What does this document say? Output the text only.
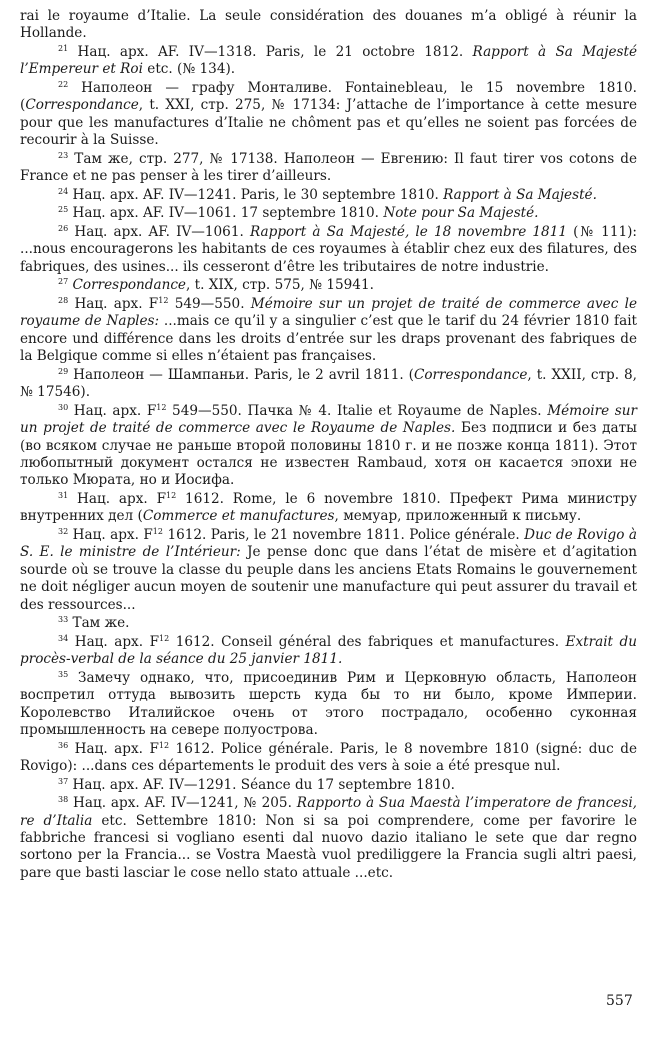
rai le royaume d’Italie. La seule considération des douanes m’a obligé à réunir la Hollande.

$^{21}$ Нац. арх. AF. IV—1318. Paris, le 21 octobre 1812. Rapport à Sa Majesté l’Empereur et Roi etc. (№ 134).

$^{22}$ Наполеон — графу Монталиве. Fontainebleau, le 15 novembre 1810. (Correspondance, t. XXI, стр. 275, № 17134: J’attache de l’importance à cette mesure pour que les manufactures d’Italie ne chôment pas et qu’elles ne soient pas forcées de recourir à la Suisse.

$^{23}$ Там же, стр. 277, № 17138. Наполеон — Евгению: Il faut tirer vos cotons de France et ne pas penser à les tirer d’ailleurs.

$^{24}$ Нац. арх. AF. IV—1241. Paris, le 30 septembre 1810. Rapport à Sa Majesté.

$^{25}$ Нац. арх. AF. IV—1061. 17 septembre 1810. Note pour Sa Majesté.

$^{26}$ Нац. арх. AF. IV—1061. Rapport à Sa Majesté, le 18 novembre 1811 (№ 111): ...nous encouragerons les habitants de ces royaumes à établir chez eux des filatures, des fabriques, des usines... ils cesseront d’être les tributaires de notre industrie.

$^{27}$ Correspondance, t. XIX, стр. 575, № 15941.

$^{28}$ Нац. арх. $F^{12}$ 549—550. Mémoire sur un projet de traité de commerce avec le royaume de Naples: ...mais ce qu’il y a singulier c’est que le tarif du 24 février 1810 fait encore und différence dans les droits d’entrée sur les draps provenant des fabriques de la Belgique comme si elles n’étaient pas françaises.

$^{29}$ Наполеон — Шампаньи. Paris, le 2 avril 1811. (Correspondance, t. XXII, стр. 8, № 17546).

$^{30}$ Нац. арх. $F^{12}$ 549—550. Пачка № 4. Italie et Royaume de Naples. Mémoire sur un projet de traité de commerce avec le Royaume de Naples. Без подписи и без даты (во всяком случае не раньше второй половины 1810 г. и не позже конца 1811). Этот любопытный документ остался не известен Rambaud, хотя он касается эпохи не только Мюрата, но и Иосифа.

$^{31}$ Нац. арх. $F^{12}$ 1612. Rome, le 6 novembre 1810. Префект Рима министру внутренних дел (Commerce et manufactures, мемуар, приложенный к письму.

$^{32}$ Нац. арх. $F^{12}$ 1612. Paris, le 21 novembre 1811. Police générale. Duc de Rovigo à S. E. le ministre de l’Intérieur: Je pense donc que dans l’état de misère et d’agitation sourde où se trouve la classe du peuple dans les anciens Etats Romains le gouvernement ne doit négliger aucun moyen de soutenir une manufacture qui peut assurer du travail et des ressources...

$^{33}$ Там же.

$^{34}$ Нац. арх. $F^{12}$ 1612. Conseil général des fabriques et manufactures. Extrait du procès-verbal de la séance du 25 janvier 1811.

$^{35}$ Замечу однако, что, присоединив Рим и Церковную область, Наполеон воспретил оттуда вывозить шерсть куда бы то ни было, кроме Империи. Королевство Италийское очень от этого пострадало, особенно суконная промышленность на севере полуострова.

$^{36}$ Нац. арх. $F^{12}$ 1612. Police générale. Paris, le 8 novembre 1810 (signé: duc de Rovigo): ...dans ces départements le produit des vers à soie a été presque nul.

$^{37}$ Нац. арх. AF. IV—1291. Séance du 17 septembre 1810.

$^{38}$ Нац. арх. AF. IV—1241, № 205. Rapporto à Sua Maestà l’imperatore de francesi, re d’Italia etc. Settembre 1810: Non si sa poi comprendere, come per favorire le fabbriche francesi si vogliano esenti dal nuovo dazio italiano le sete que dar regno sortono per la Francia... se Vostra Maestà vuol prediliggere la Francia sugli altri paesi, pare que basti lasciar le cose nello stato attuale ...etc.

557
